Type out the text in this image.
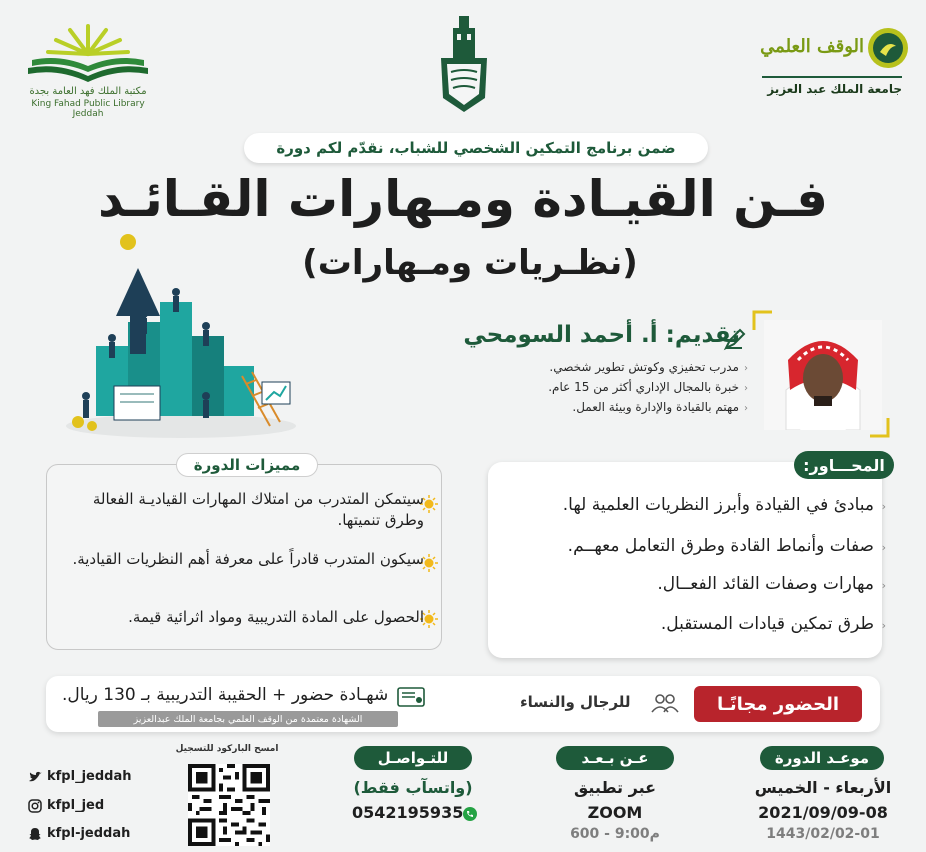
مكتبة الملك فهد العامة بجدة
King Fahad Public Library Jeddah
الوقف العلمي
جامعة الملك عبد العزيز
ضمن برنامج التمكين الشخصي للشباب، نقدّم لكم دورة
فـن القيـادة ومـهارات القـائـد
(نظـريات ومـهارات)
تقديم: أ. أحمد السومحي
‹مدرب تحفيزي وكوتش تطوير شخصي.
‹خبرة بالمجال الإداري أكثر من 15 عام.
‹مهتم بالقيادة والإدارة وبيئة العمل.
مميزات الدورة
سيتمكن المتدرب من امتلاك المهارات القياديـة الفعالة وطرق تنميتها.
سيكون المتدرب قادراً على معرفة أهم النظريات القيادية.
الحصول على المادة التدريبية ومواد اثرائية قيمة.
المحـــاور:
‹
مبادئ في القيادة وأبرز النظريات العلمية لها.
‹
صفات وأنماط القادة وطرق التعامل معهــم.
‹
مهارات وصفات القائد الفعــال.
‹
طرق تمكين قيادات المستقبل.
الحضور مجانًـا
للرجال والنساء
شهـادة حضور + الحقيبة التدريبية بـ 130 ريال.
الشهادة معتمدة من الوقف العلمي بجامعة الملك عبدالعزيز
موعـد الدورة
الأربعاء - الخميس
2021/09/09-08
1443/02/02-01
عـن بـعـد
عبر تطبيق
ZOOM
600 - 9:00م
للتـواصـل
(واتسآب فقط)
0542195935
امسح الباركود للتسجيل
kfpl_jeddah
kfpl_jed
kfpl-jeddah
